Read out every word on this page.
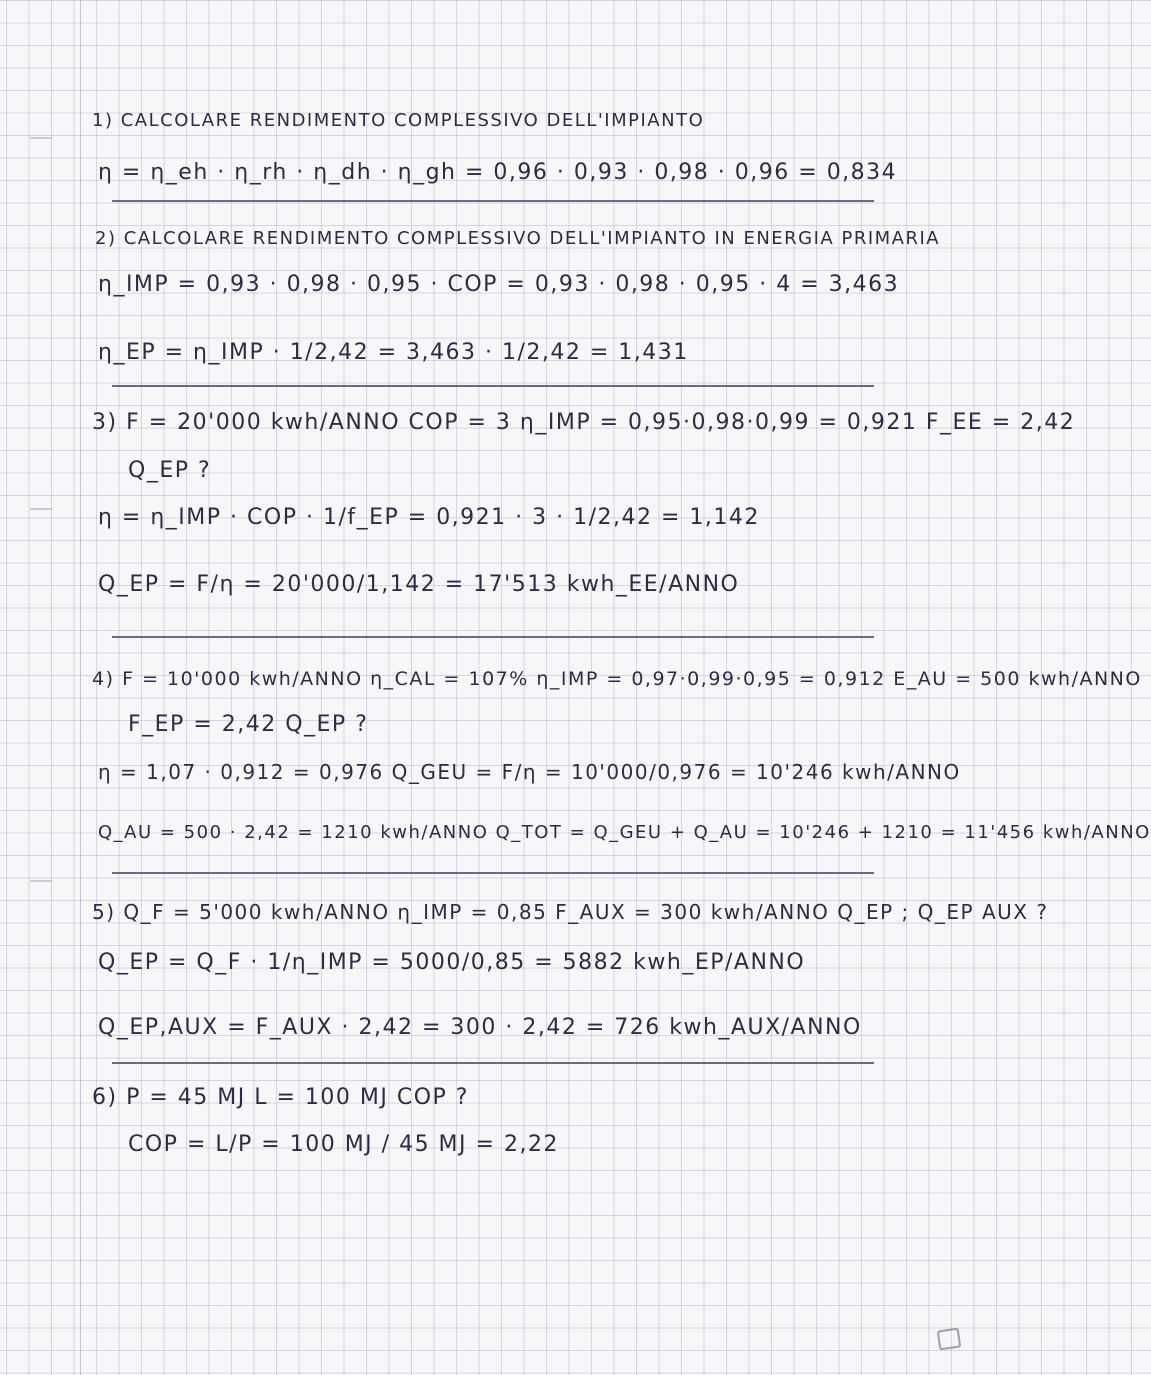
1) CALCOLARE RENDIMENTO COMPLESSIVO DELL'IMPIANTO
η = η_eh · η_rh · η_dh · η_gh = 0,96 · 0,93 · 0,98 · 0,96 = 0,834
2) CALCOLARE RENDIMENTO COMPLESSIVO DELL'IMPIANTO IN ENERGIA PRIMARIA
η_IMP = 0,93 · 0,98 · 0,95 · COP = 0,93 · 0,98 · 0,95 · 4 = 3,463
η_EP = η_IMP · 1/2,42 = 3,463 · 1/2,42 = 1,431
3) F = 20'000 kwh/ANNO COP = 3 η_IMP = 0,95·0,98·0,99 = 0,921 F_EE = 2,42
Q_EP ?
η = η_IMP · COP · 1/f_EP = 0,921 · 3 · 1/2,42 = 1,142
Q_EP = F/η = 20'000/1,142 = 17'513 kwh_EE/ANNO
4) F = 10'000 kwh/ANNO η_CAL = 107% η_IMP = 0,97·0,99·0,95 = 0,912 E_AU = 500 kwh/ANNO
F_EP = 2,42 Q_EP ?
η = 1,07 · 0,912 = 0,976 Q_GEU = F/η = 10'000/0,976 = 10'246 kwh/ANNO
Q_AU = 500 · 2,42 = 1210 kwh/ANNO Q_TOT = Q_GEU + Q_AU = 10'246 + 1210 = 11'456 kwh/ANNO
5) Q_F = 5'000 kwh/ANNO η_IMP = 0,85 F_AUX = 300 kwh/ANNO Q_EP ; Q_EP AUX ?
Q_EP = Q_F · 1/η_IMP = 5000/0,85 = 5882 kwh_EP/ANNO
Q_EP,AUX = F_AUX · 2,42 = 300 · 2,42 = 726 kwh_AUX/ANNO
6) P = 45 MJ L = 100 MJ COP ?
COP = L/P = 100 MJ / 45 MJ = 2,22
